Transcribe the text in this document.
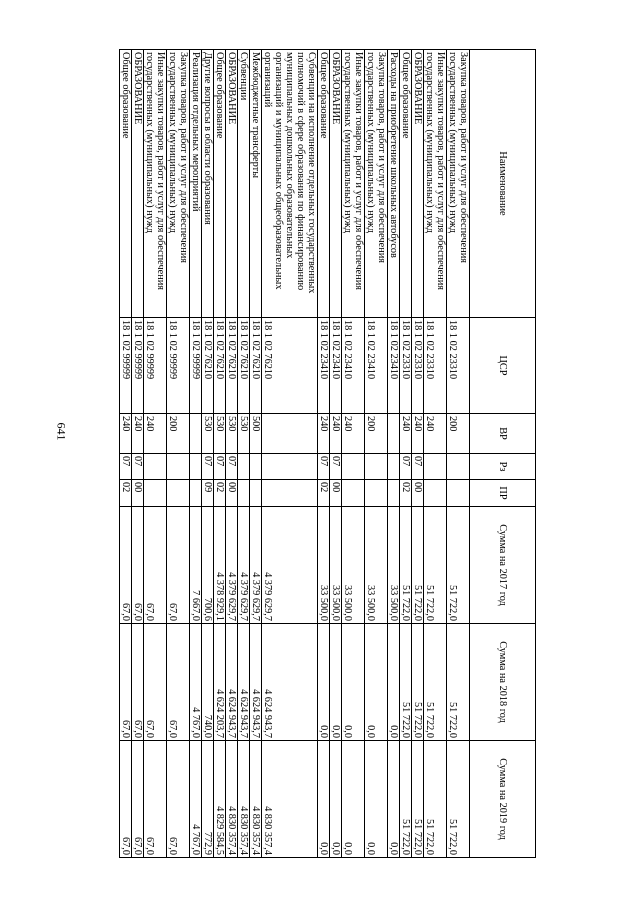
641
Наименование	ЦСР	ВР	Рз	ПР	Сумма на 2017 год	Сумма на 2018 год	Сумма на 2019 год
Закупка товаров, работ и услуг для обеспечения государственных (муниципальных) нужд	18 1 02 23310	200			51 722,0	51 722,0	51 722,0
Иные закупки товаров, работ и услуг для обеспечения государственных (муниципальных) нужд	18 1 02 23310	240			51 722,0	51 722,0	51 722,0
ОБРАЗОВАНИЕ	18 1 02 23310	240	07	00	51 722,0	51 722,0	51 722,0
Общее образование	18 1 02 23310	240	07	02	51 722,0	51 722,0	51 722,0
Расходы на приобретение школьных автобусов	18 1 02 23410				33 500,0	0,0	0,0
Закупка товаров, работ и услуг для обеспечения государственных (муниципальных) нужд	18 1 02 23410	200			33 500,0	0,0	0,0
Иные закупки товаров, работ и услуг для обеспечения государственных (муниципальных) нужд	18 1 02 23410	240			33 500,0	0,0	0,0
ОБРАЗОВАНИЕ	18 1 02 23410	240	07	00	33 500,0	0,0	0,0
Общее образование	18 1 02 23410	240	07	02	33 500,0	0,0	0,0
Субвенции на исполнение отдельных государственных полномочий в сфере образования по финансированию муниципальных дошкольных образовательных организаций и муниципальных общеобразовательных организаций	18 1 02 76210				4 379 629,7	4 624 943,7	4 830 357,4
Межбюджетные трансферты	18 1 02 76210	500			4 379 629,7	4 624 943,7	4 830 357,4
Субвенции	18 1 02 76210	530			4 379 629,7	4 624 943,7	4 830 357,4
ОБРАЗОВАНИЕ	18 1 02 76210	530	07	00	4 379 629,7	4 624 943,7	4 830 357,4
Общее образование	18 1 02 76210	530	07	02	4 378 929,1	4 624 203,7	4 829 584,5
Другие вопросы в области образования	18 1 02 76210	530	07	09	700,6	740,0	772,9
Реализация отдельных мероприятий	18 1 02 99999				7 667,0	4 767,0	4 767,0
Закупка товаров, работ и услуг для обеспечения государственных (муниципальных) нужд	18 1 02 99999	200			67,0	67,0	67,0
Иные закупки товаров, работ и услуг для обеспечения государственных (муниципальных) нужд	18 1 02 99999	240			67,0	67,0	67,0
ОБРАЗОВАНИЕ	18 1 02 99999	240	07	00	67,0	67,0	67,0
Общее образование	18 1 02 99999	240	07	02	67,0	67,0	67,0
